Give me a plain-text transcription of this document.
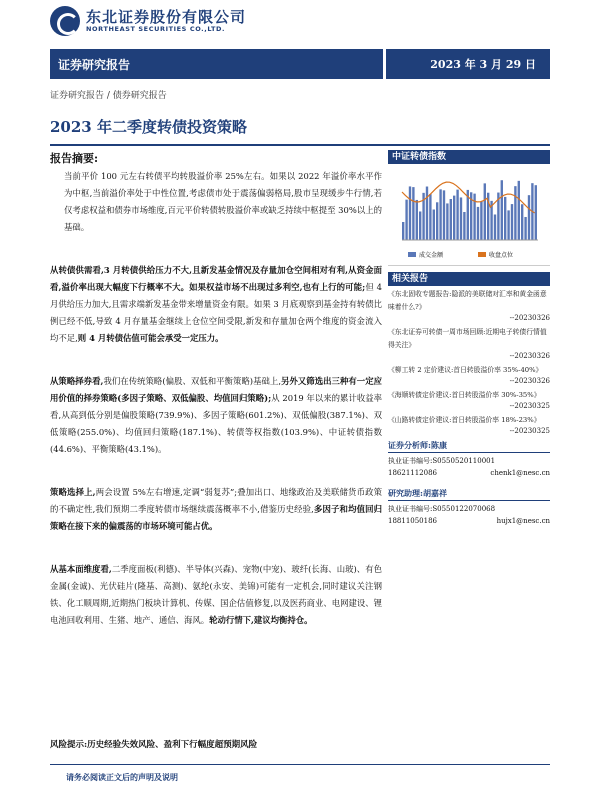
东北证券股份有限公司
NORTHEAST SECURITIES CO.,LTD.
证券研究报告	2023 年 3 月 29 日
证券研究报告 / 债券研究报告
2023 年二季度转债投资策略
报告摘要:

当前平价 100 元左右转债平均转股溢价率 25%左右。如果以 2022 年溢价率水平作为中枢,当前溢价率处于中性位置,考虑债市处于震荡偏弱格局,股市呈现缓步牛行情,若仅考虑权益和债券市场维度,百元平价转债转股溢价率或缺乏持续中枢提至 30%以上的基础。

从转债供需看,3 月转债供给压力不大,且新发基金情况及存量加仓空间相对有利,从资金面看,溢价率出现大幅度下行概率不大。如果权益市场不出现过多利空,也有上行的可能;但 4 月供给压力加大,且需求端新发基金带来增量资金有限。如果 3 月底观察到基金持有转债比例已经不低,导致 4 月存量基金继续上仓位空间受限,新发和存量加仓两个维度的资金流入均不足,则 4 月转债估值可能会承受一定压力。

从策略择券看,我们在传统策略(偏股、双低和平衡策略)基础上,另外又筛选出三种有一定应用价值的择券策略(多因子策略、双低偏股、均值回归策略);从 2019 年以来的累计收益率看,从高到低分别是偏股策略(739.9%)、多因子策略(601.2%)、双低偏股(387.1%)、双低策略(255.0%)、均值回归策略(187.1%)、转债等权指数(103.9%)、中证转债指数(44.6%)、平衡策略(43.1%)。

策略选择上,两会设置 5%左右增速,定调“弱复苏”;叠加出口、地缘政治及美联储货币政策的不确定性,我们预期二季度转债市场继续震荡概率不小,借鉴历史经验,多因子和均值回归策略在接下来的偏震荡的市场环境可能占优。

从基本面维度看,二季度面板(利德)、半导体(兴森)、宠物(中宠)、玻纤(长海、山玻)、有色金属(金诚)、光伏硅片(隆基、高测)、氨纶(永安、美锦)可能有一定机会,同时建议关注钢铁、化工顺周期,近期热门板块计算机、传媒、国企估值修复,以及医药商业、电网建设、锂电池回收利用、生猪、地产、通信、海风。轮动行情下,建议均衡持仓。

中证转债指数
成交金额	收盘点位
相关报告
《东北固收专题报告:隐派的美联储对汇率和黄金函意味着什么?》
--20230326
《东北证券可转债一周市场回顾:近期电子转债行情值得关注》
--20230326
《柳工转 2 定价建议:首日转股溢价率 35%-40%》
--20230326
《海顺转债定价建议:首日转股溢价率 30%-35%》
--20230325
《山路转债定价建议:首日转股溢价率 18%-23%》
--20230325
证券分析师:陈康
执业证书编号:S0550520110001
18621112086	chenk1@nesc.cn
研究助理:胡嘉祥
执业证书编号:S0550122070068
18811050186	hujx1@nesc.cn
风险提示:历史经验失效风险、盈利下行幅度超预期风险
请务必阅读正文后的声明及说明
